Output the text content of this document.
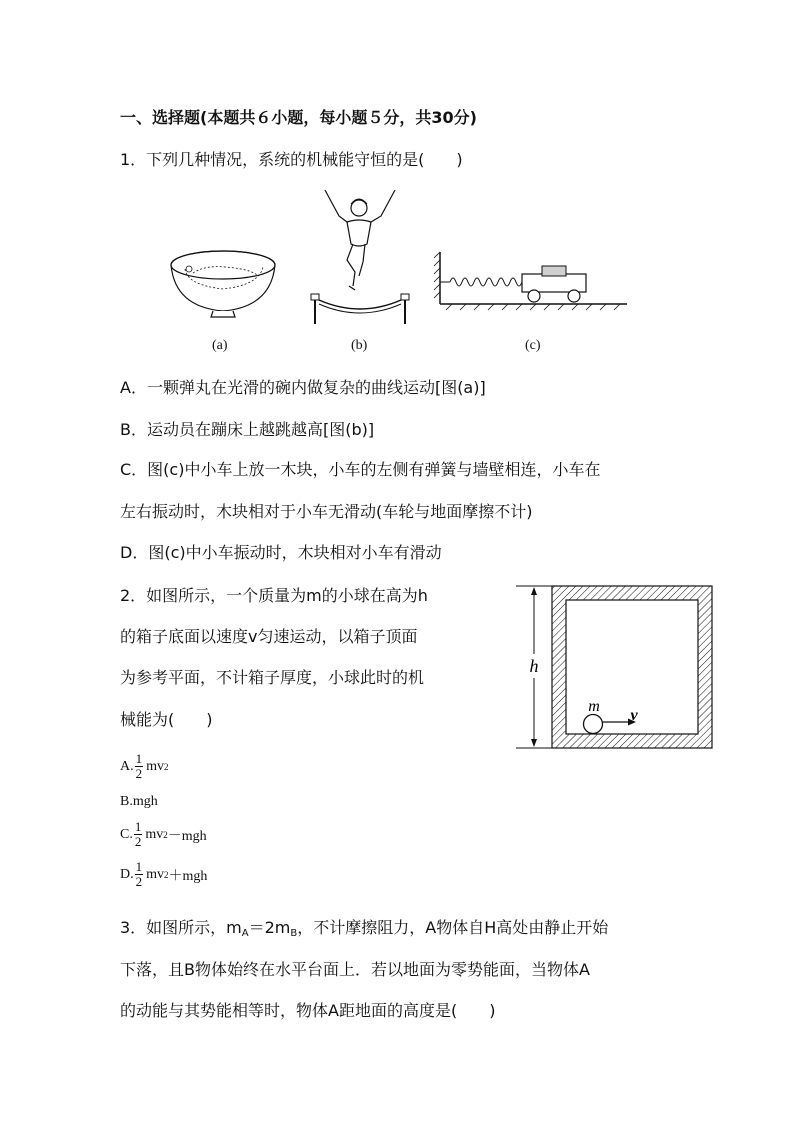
一、选择题(本题共６小题，每小题５分，共30分)
1．下列几种情况，系统的机械能守恒的是(　　)
(a)	(b)	(c)
A．一颗弹丸在光滑的碗内做复杂的曲线运动[图(a)]
B．运动员在蹦床上越跳越高[图(b)]
C．图(c)中小车上放一木块，小车的左侧有弹簧与墙壁相连，小车在
左右振动时，木块相对于小车无滑动(车轮与地面摩擦不计)
D．图(c)中小车振动时，木块相对小车有滑动
2．如图所示，一个质量为m的小球在高为h
的箱子底面以速度v匀速运动，以箱子顶面
为参考平面，不计箱子厚度，小球此时的机
械能为(　　)
h
m
v
A. $\frac{1}{2}$ mv 2
B.mgh
C. $\frac{1}{2}$ mv 2 －mgh
D. $\frac{1}{2}$ mv 2 ＋mgh
3．如图所示，$m_A=2m_B$，不计摩擦阻力，A物体自H高处由静止开始
下落，且B物体始终在水平台面上．若以地面为零势能面，当物体A
的动能与其势能相等时，物体A距地面的高度是(　　)
